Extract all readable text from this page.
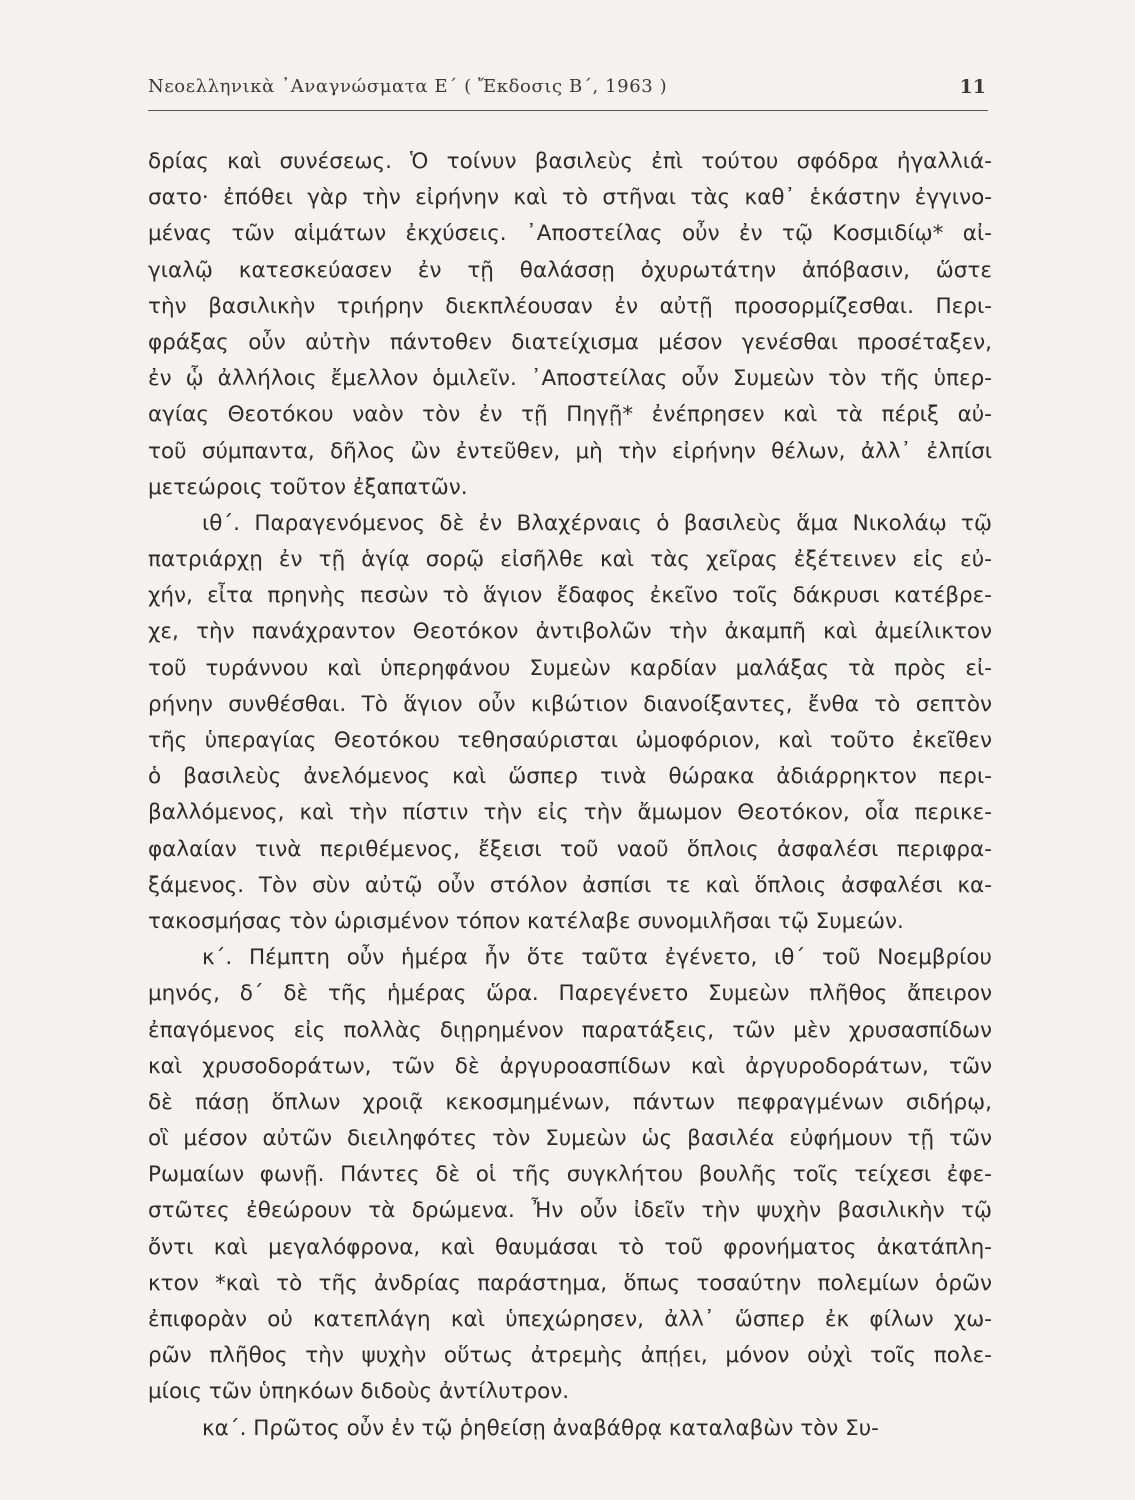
Νεοελληνικὰ ᾿Αναγνώσματα Ε΄ ( Ἔκδοσις Β΄, 1963 )	11
δρίας καὶ συνέσεως. Ὁ τοίνυν βασιλεὺς ἐπὶ τούτου σφόδρα ἠγαλλιά-
σατο· ἐπόθει γὰρ τὴν εἰρήνην καὶ τὸ στῆναι τὰς καθ᾿ ἑκάστην ἐγγινο-
μένας τῶν αἱμάτων ἐκχύσεις. ᾿Αποστείλας οὖν ἐν τῷ Κοσμιδίῳ* αἰ-
γιαλῷ κατεσκεύασεν ἐν τῇ θαλάσσῃ ὀχυρωτάτην ἀπόβασιν, ὥστε
τὴν βασιλικὴν τριήρην διεκπλέουσαν ἐν αὐτῇ προσορμίζεσθαι. Περι-
φράξας οὖν αὐτὴν πάντοθεν διατείχισμα μέσον γενέσθαι προσέταξεν,
ἐν ᾧ ἀλλήλοις ἔμελλον ὁμιλεῖν. ᾿Αποστείλας οὖν Συμεὼν τὸν τῆς ὑπερ-
αγίας Θεοτόκου ναὸν τὸν ἐν τῇ Πηγῇ* ἐνέπρησεν καὶ τὰ πέριξ αὐ-
τοῦ σύμπαντα, δῆλος ὢν ἐντεῦθεν, μὴ τὴν εἰρήνην θέλων, ἀλλ᾿ ἐλπίσι
μετεώροις τοῦτον ἐξαπατῶν.
ιθ΄. Παραγενόμενος δὲ ἐν Βλαχέρναις ὁ βασιλεὺς ἅμα Νικολάῳ τῷ
πατριάρχῃ ἐν τῇ ἁγίᾳ σορῷ εἰσῆλθε καὶ τὰς χεῖρας ἐξέτεινεν εἰς εὐ-
χήν, εἶτα πρηνὴς πεσὼν τὸ ἅγιον ἔδαφος ἐκεῖνο τοῖς δάκρυσι κατέβρε-
χε, τὴν πανάχραντον Θεοτόκον ἀντιβολῶν τὴν ἀκαμπῆ καὶ ἀμείλικτον
τοῦ τυράννου καὶ ὑπερηφάνου Συμεὼν καρδίαν μαλάξας τὰ πρὸς εἰ-
ρήνην συνθέσθαι. Τὸ ἅγιον οὖν κιβώτιον διανοίξαντες, ἔνθα τὸ σεπτὸν
τῆς ὑπεραγίας Θεοτόκου τεθησαύρισται ὠμοφόριον, καὶ τοῦτο ἐκεῖθεν
ὁ βασιλεὺς ἀνελόμενος καὶ ὥσπερ τινὰ θώρακα ἀδιάρρηκτον περι-
βαλλόμενος, καὶ τὴν πίστιν τὴν εἰς τὴν ἄμωμον Θεοτόκον, οἷα περικε-
φαλαίαν τινὰ περιθέμενος, ἔξεισι τοῦ ναοῦ ὅπλοις ἀσφαλέσι περιφρα-
ξάμενος. Τὸν σὺν αὐτῷ οὖν στόλον ἀσπίσι τε καὶ ὅπλοις ἀσφαλέσι κα-
τακοσμήσας τὸν ὡρισμένον τόπον κατέλαβε συνομιλῆσαι τῷ Συμεών.
κ΄. Πέμπτη οὖν ἡμέρα ἦν ὅτε ταῦτα ἐγένετο, ιθ΄ τοῦ Νοεμβρίου
μηνός, δ΄ δὲ τῆς ἡμέρας ὥρα. Παρεγένετο Συμεὼν πλῆθος ἄπειρον
ἐπαγόμενος εἰς πολλὰς διῃρημένον παρατάξεις, τῶν μὲν χρυσασπίδων
καὶ χρυσοδοράτων, τῶν δὲ ἀργυροασπίδων καὶ ἀργυροδοράτων, τῶν
δὲ πάσῃ ὅπλων χροιᾷ κεκοσμημένων, πάντων πεφραγμένων σιδήρῳ,
οἳ μέσον αὐτῶν διειληφότες τὸν Συμεὼν ὡς βασιλέα εὐφήμουν τῇ τῶν
Ρωμαίων φωνῇ. Πάντες δὲ οἱ τῆς συγκλήτου βουλῆς τοῖς τείχεσι ἐφε-
στῶτες ἐθεώρουν τὰ δρώμενα. Ἦν οὖν ἰδεῖν τὴν ψυχὴν βασιλικὴν τῷ
ὄντι καὶ μεγαλόφρονα, καὶ θαυμάσαι τὸ τοῦ φρονήματος ἀκατάπλη-
κτον *καὶ τὸ τῆς ἀνδρίας παράστημα, ὅπως τοσαύτην πολεμίων ὁρῶν
ἐπιφορὰν οὐ κατεπλάγη καὶ ὑπεχώρησεν, ἀλλ᾿ ὥσπερ ἐκ φίλων χω-
ρῶν πλῆθος τὴν ψυχὴν οὕτως ἀτρεμὴς ἀπῄει, μόνον οὐχὶ τοῖς πολε-
μίοις τῶν ὑπηκόων διδοὺς ἀντίλυτρον.
κα΄. Πρῶτος οὖν ἐν τῷ ῥηθείσῃ ἀναβάθρᾳ καταλαβὼν τὸν Συ-
